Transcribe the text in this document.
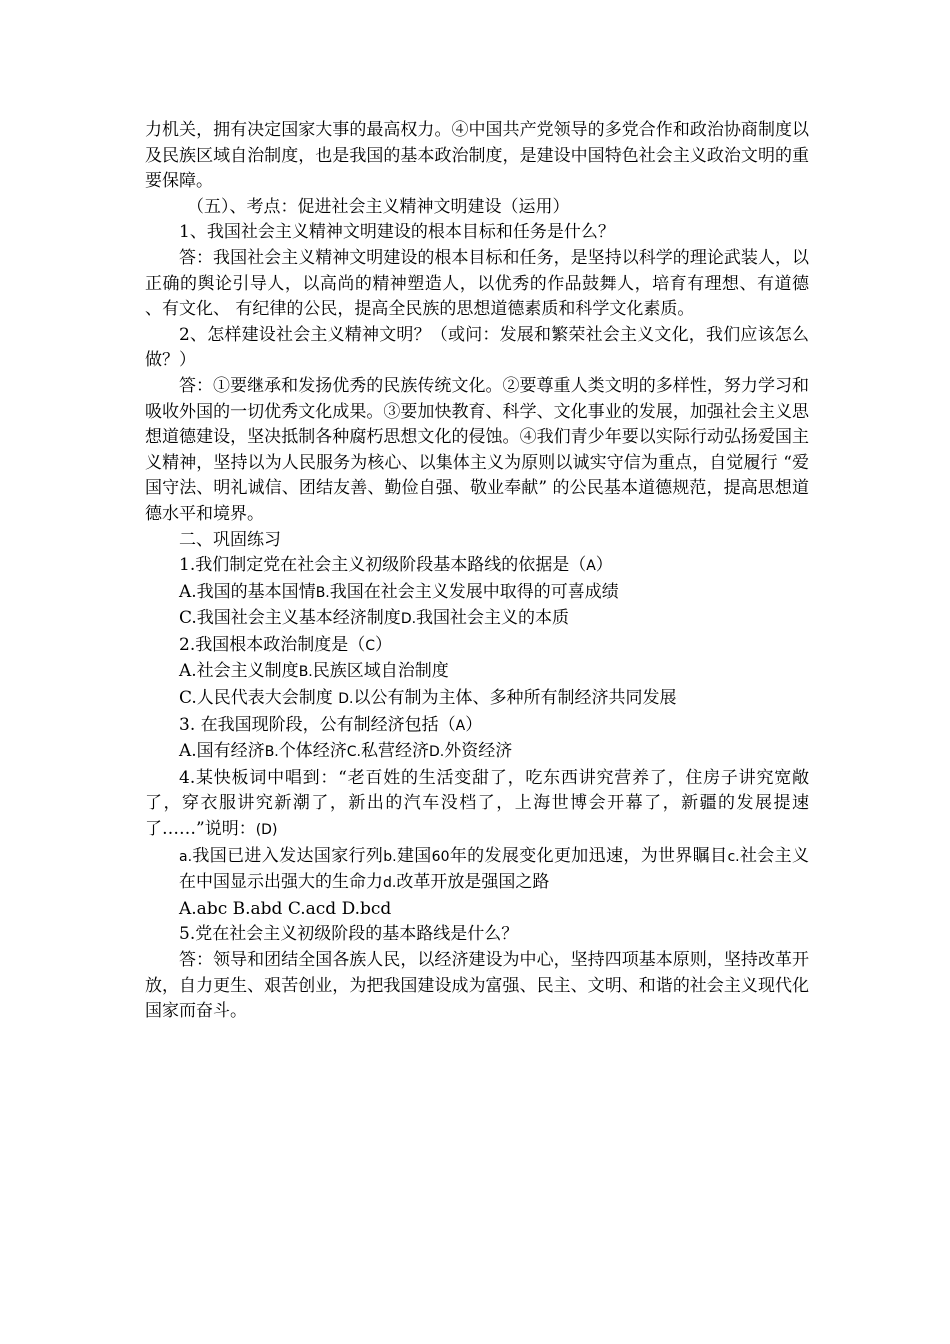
力机关，拥有决定国家大事的最高权力。④中国共产党领导的多党合作和政治协商制度以及民族区域自治制度，也是我国的基本政治制度，是建设中国特色社会主义政治文明的重要保障。

（五）、考点：促进社会主义精神文明建设（运用）

1、我国社会主义精神文明建设的根本目标和任务是什么？

答：我国社会主义精神文明建设的根本目标和任务，是坚持以科学的理论武装人，以正确的舆论引导人，以高尚的精神塑造人，以优秀的作品鼓舞人，培育有理想、有道德 、有文化、 有纪律的公民，提高全民族的思想道德素质和科学文化素质。

2、怎样建设社会主义精神文明？（或问：发展和繁荣社会主义文化，我们应该怎么做？）

答：①要继承和发扬优秀的民族传统文化。②要尊重人类文明的多样性，努力学习和吸收外国的一切优秀文化成果。③要加快教育、科学、文化事业的发展，加强社会主义思想道德建设，坚决抵制各种腐朽思想文化的侵蚀。④我们青少年要以实际行动弘扬爱国主义精神，坚持以为人民服务为核心、以集体主义为原则以诚实守信为重点，自觉履行 “爱国守法、明礼诚信、团结友善、勤俭自强、敬业奉献” 的公民基本道德规范，提高思想道德水平和境界。

二、巩固练习

1.我们制定党在社会主义初级阶段基本路线的依据是（A）

A.我国的基本国情B.我国在社会主义发展中取得的可喜成绩

C.我国社会主义基本经济制度D.我国社会主义的本质

2.我国根本政治制度是（C）

A.社会主义制度B.民族区域自治制度

C.人民代表大会制度 D.以公有制为主体、多种所有制经济共同发展

3. 在我国现阶段，公有制经济包括（A）

A.国有经济B.个体经济C.私营经济D.外资经济

4.某快板词中唱到：“老百姓的生活变甜了，吃东西讲究营养了，住房子讲究宽敞了，穿衣服讲究新潮了，新出的汽车没档了，上海世博会开幕了，新疆的发展提速了……”说明：(D)

a.我国已进入发达国家行列b.建国60年的发展变化更加迅速，为世界瞩目c.社会主义在中国显示出强大的生命力d.改革开放是强国之路

A.abc B.abd C.acd D.bcd

5.党在社会主义初级阶段的基本路线是什么？

答：领导和团结全国各族人民，以经济建设为中心，坚持四项基本原则，坚持改革开放，自力更生、艰苦创业，为把我国建设成为富强、民主、文明、和谐的社会主义现代化国家而奋斗。
